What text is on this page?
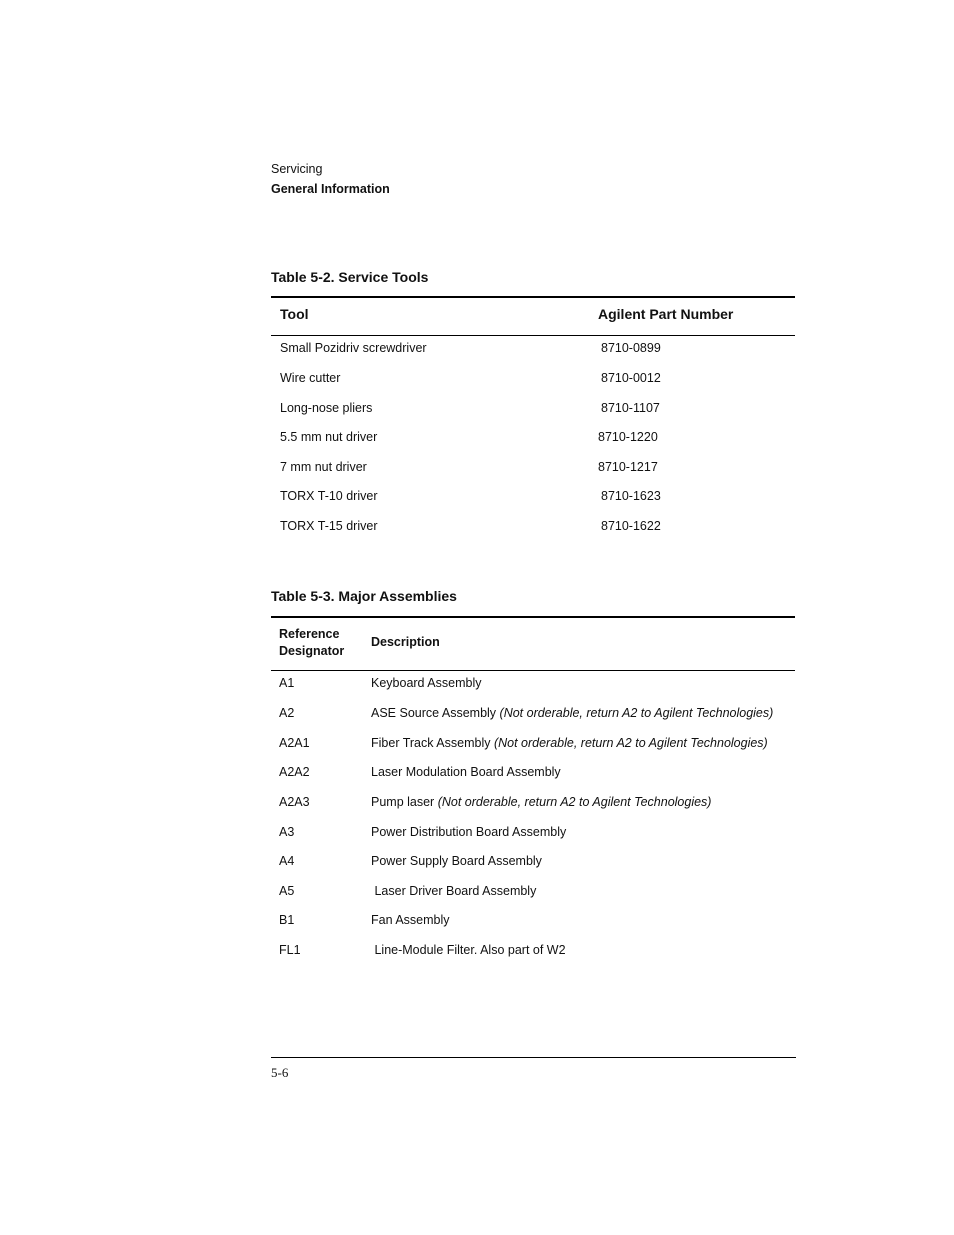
Servicing
General Information
Table 5-2. Service Tools
Tool	Agilent Part Number
Small Pozidriv screwdriver	8710-0899
Wire cutter	8710-0012
Long-nose pliers	8710-1107
5.5 mm nut driver	8710-1220
7 mm nut driver	8710-1217
TORX T-10 driver	8710-1623
TORX T-15 driver	8710-1622
Table 5-3. Major Assemblies
Reference
Designator
Description
A1	Keyboard Assembly
A2	ASE Source Assembly (Not orderable, return A2 to Agilent Technologies)
A2A1	Fiber Track Assembly (Not orderable, return A2 to Agilent Technologies)
A2A2	Laser Modulation Board Assembly
A2A3	Pump laser (Not orderable, return A2 to Agilent Technologies)
A3	Power Distribution Board Assembly
A4	Power Supply Board Assembly
A5	Laser Driver Board Assembly
B1	Fan Assembly
FL1	Line-Module Filter. Also part of W2
5-6
